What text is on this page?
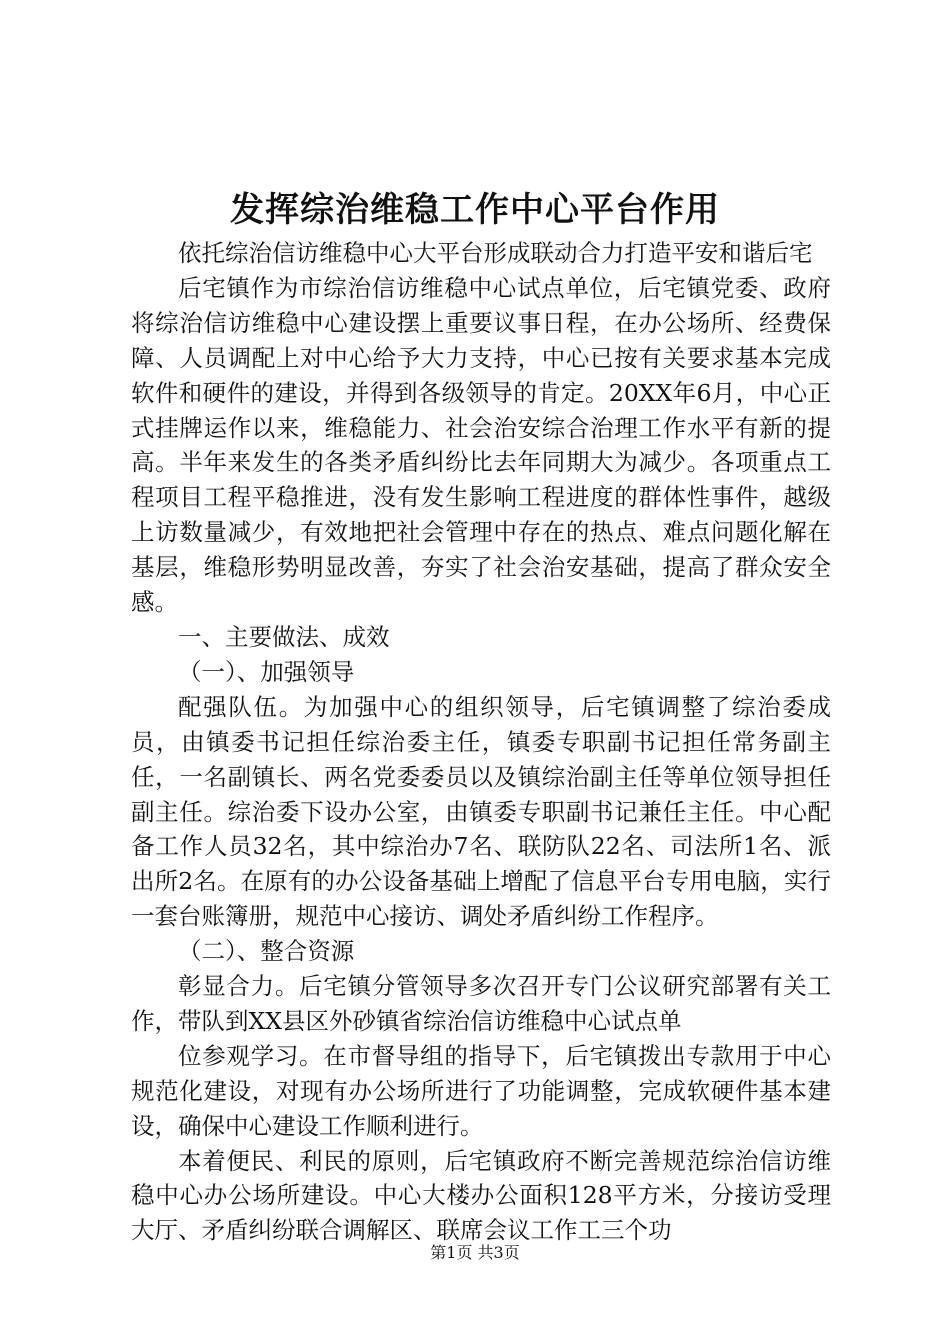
发挥综治维稳工作中心平台作用

依托综治信访维稳中心大平台形成联动合力打造平安和谐后宅

后宅镇作为市综治信访维稳中心试点单位，后宅镇党委、政府将综治信访维稳中心建设摆上重要议事日程，在办公场所、经费保障、人员调配上对中心给予大力支持，中心已按有关要求基本完成软件和硬件的建设，并得到各级领导的肯定。20XX年6月，中心正式挂牌运作以来，维稳能力、社会治安综合治理工作水平有新的提高。半年来发生的各类矛盾纠纷比去年同期大为减少。各项重点工程项目工程平稳推进，没有发生影响工程进度的群体性事件，越级上访数量减少，有效地把社会管理中存在的热点、难点问题化解在基层，维稳形势明显改善，夯实了社会治安基础，提高了群众安全感。

一、主要做法、成效

（一）、加强领导

配强队伍。为加强中心的组织领导，后宅镇调整了综治委成员，由镇委书记担任综治委主任，镇委专职副书记担任常务副主任，一名副镇长、两名党委委员以及镇综治副主任等单位领导担任副主任。综治委下设办公室，由镇委专职副书记兼任主任。中心配备工作人员32名，其中综治办7名、联防队22名、司法所1名、派出所2名。在原有的办公设备基础上增配了信息平台专用电脑，实行一套台账簿册，规范中心接访、调处矛盾纠纷工作程序。

（二）、整合资源

彰显合力。后宅镇分管领导多次召开专门公议研究部署有关工作，带队到XX县区外砂镇省综治信访维稳中心试点单

位参观学习。在市督导组的指导下，后宅镇拨出专款用于中心规范化建设，对现有办公场所进行了功能调整，完成软硬件基本建设，确保中心建设工作顺利进行。

本着便民、利民的原则，后宅镇政府不断完善规范综治信访维稳中心办公场所建设。中心大楼办公面积128平方米，分接访受理大厅、矛盾纠纷联合调解区、联席会议工作工三个功

第1页 共3页
